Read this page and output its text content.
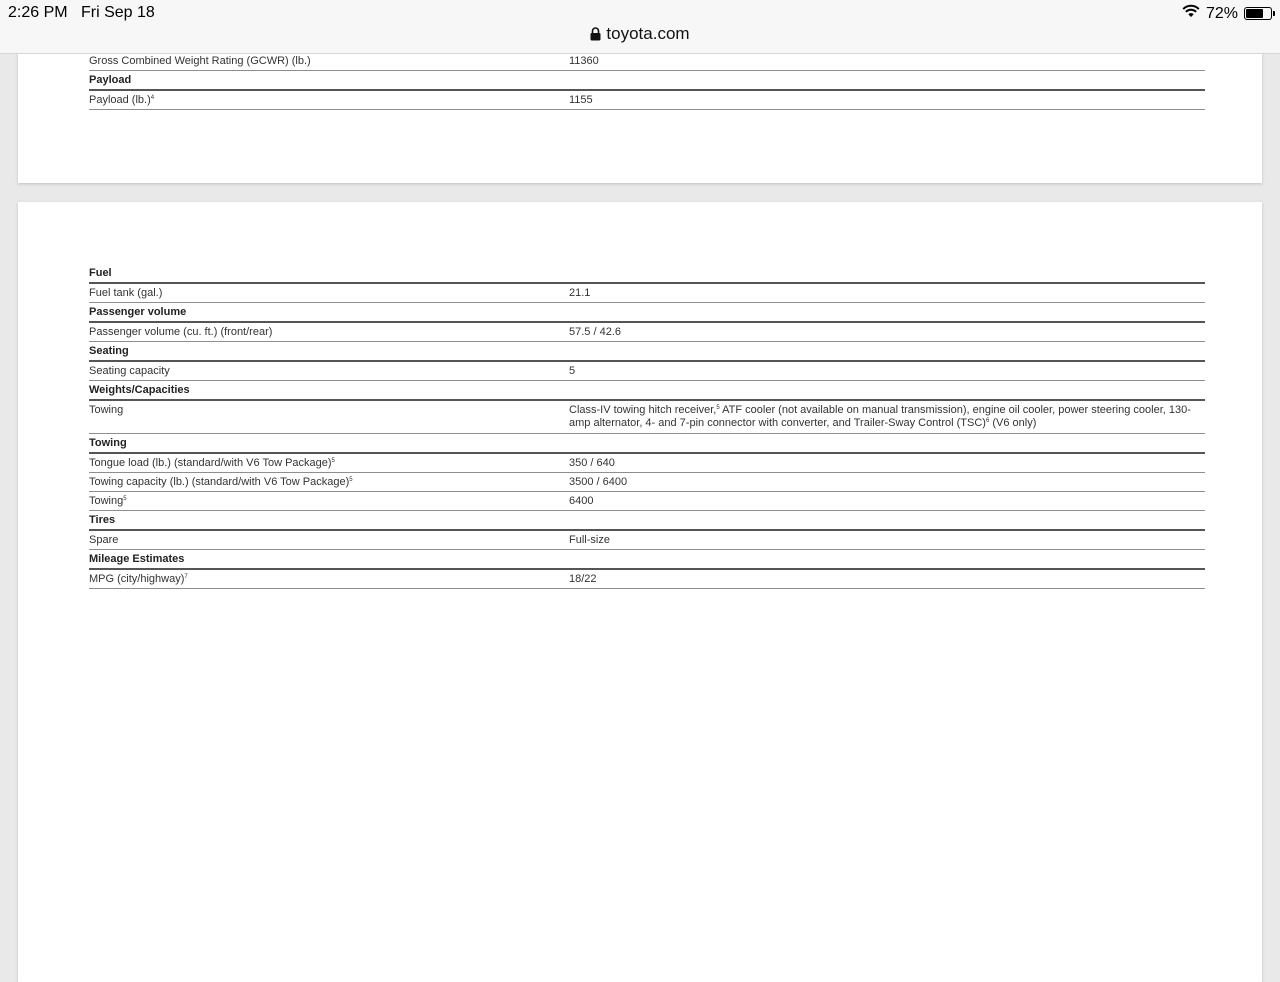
Gross Combined Weight Rating (GCWR) (lb.)	11360
Payload
Payload $(lb.)^4$	1155
Fuel
Fuel tank (gal.)	21.1
Passenger volume
Passenger volume (cu. ft.) (front/rear)	57.5 / 42.6
Seating
Seating capacity	5
Weights/Capacities
Towing	Class-IV towing hitch receiver,$^5$ ATF cooler (not available on manual transmission), engine oil cooler, power steering cooler, 130-amp alternator, 4- and 7-pin connector with converter, and Trailer-Sway Control (TSC)$^6$ (V6 only)
Towing
Tongue load (lb.) (standard/with V6 Tow Package)$^5$	350 / 640
Towing capacity (lb.) (standard/with V6 Tow Package)$^5$	3500 / 6400
Towing$^5$	6400
Tires
Spare	Full-size
Mileage Estimates
MPG (city/highway)$^7$	18/22
2:26 PM Fri Sep 18	72%
toyota.com
